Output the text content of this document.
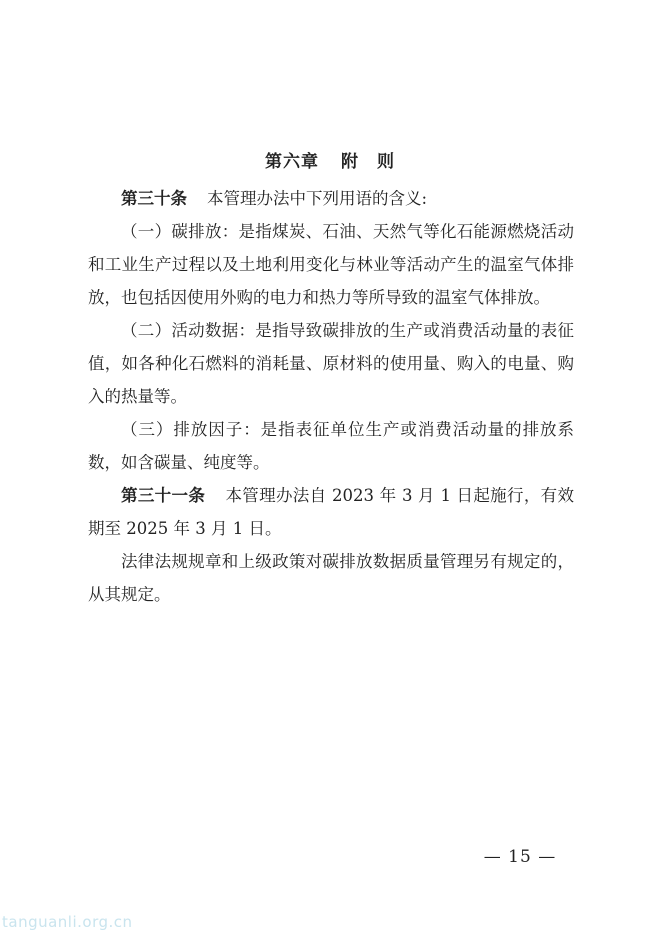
第六章 附　则

第三十条 本管理办法中下列用语的含义:

（一）碳排放：是指煤炭、石油、天然气等化石能源燃烧活动和工业生产过程以及土地利用变化与林业等活动产生的温室气体排放，也包括因使用外购的电力和热力等所导致的温室气体排放。

（二）活动数据：是指导致碳排放的生产或消费活动量的表征值，如各种化石燃料的消耗量、原材料的使用量、购入的电量、购入的热量等。

（三）排放因子：是指表征单位生产或消费活动量的排放系数，如含碳量、纯度等。

第三十一条 本管理办法自 2023 年 3 月 1 日起施行，有效期至 2025 年 3 月 1 日。

法律法规规章和上级政策对碳排放数据质量管理另有规定的，从其规定。

— 15 —
tanguanli.org.cn
